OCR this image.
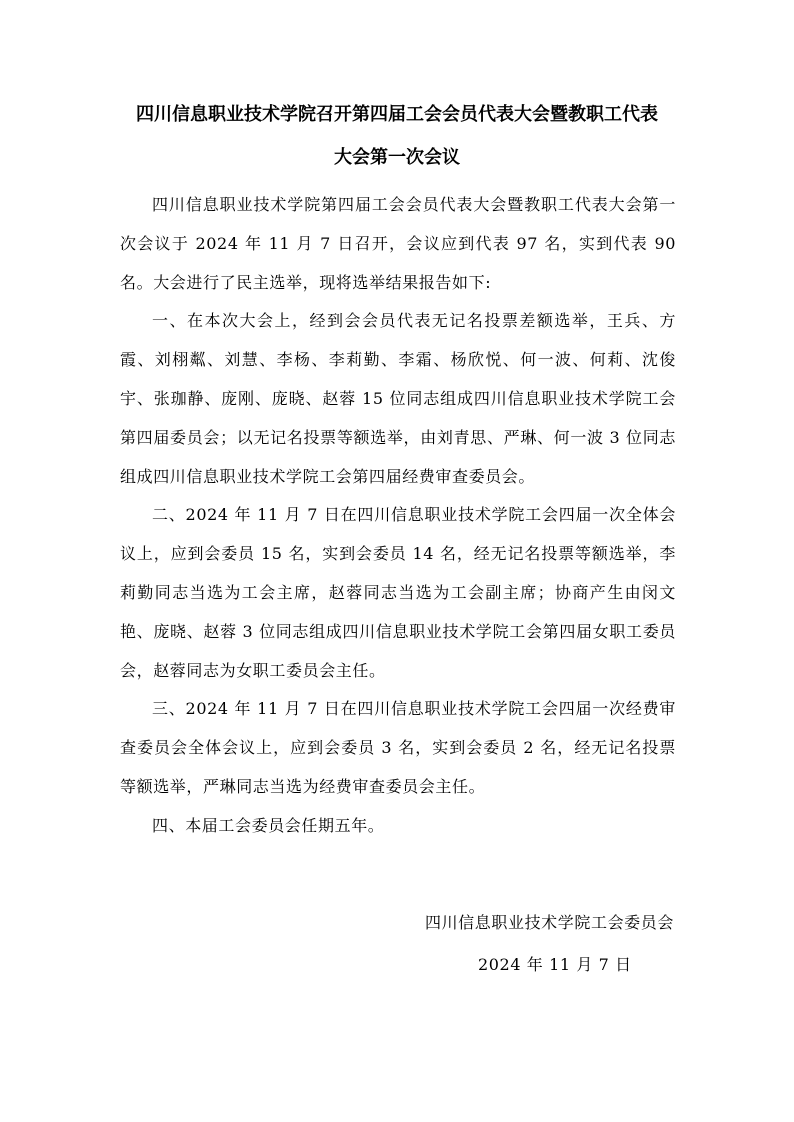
四川信息职业技术学院召开第四届工会会员代表大会暨教职工代表
大会第一次会议

四川信息职业技术学院第四届工会会员代表大会暨教职工代表大会第一次会议于 2024 年 11 月 7 日召开，会议应到代表 97 名，实到代表 90 名。大会进行了民主选举，现将选举结果报告如下:

一、在本次大会上，经到会会员代表无记名投票差额选举，王兵、方霞、刘栩粼、刘慧、李杨、李莉勤、李霜、杨欣悦、何一波、何莉、沈俊宇、张珈静、庞刚、庞晓、赵蓉 15 位同志组成四川信息职业技术学院工会第四届委员会；以无记名投票等额选举，由刘青思、严琳、何一波 3 位同志组成四川信息职业技术学院工会第四届经费审查委员会。

二、2024 年 11 月 7 日在四川信息职业技术学院工会四届一次全体会议上，应到会委员 15 名，实到会委员 14 名，经无记名投票等额选举，李莉勤同志当选为工会主席，赵蓉同志当选为工会副主席；协商产生由闵文艳、庞晓、赵蓉 3 位同志组成四川信息职业技术学院工会第四届女职工委员会，赵蓉同志为女职工委员会主任。

三、2024 年 11 月 7 日在四川信息职业技术学院工会四届一次经费审查委员会全体会议上，应到会委员 3 名，实到会委员 2 名，经无记名投票等额选举，严琳同志当选为经费审查委员会主任。

四、本届工会委员会任期五年。

四川信息职业技术学院工会委员会

2024 年 11 月 7 日
